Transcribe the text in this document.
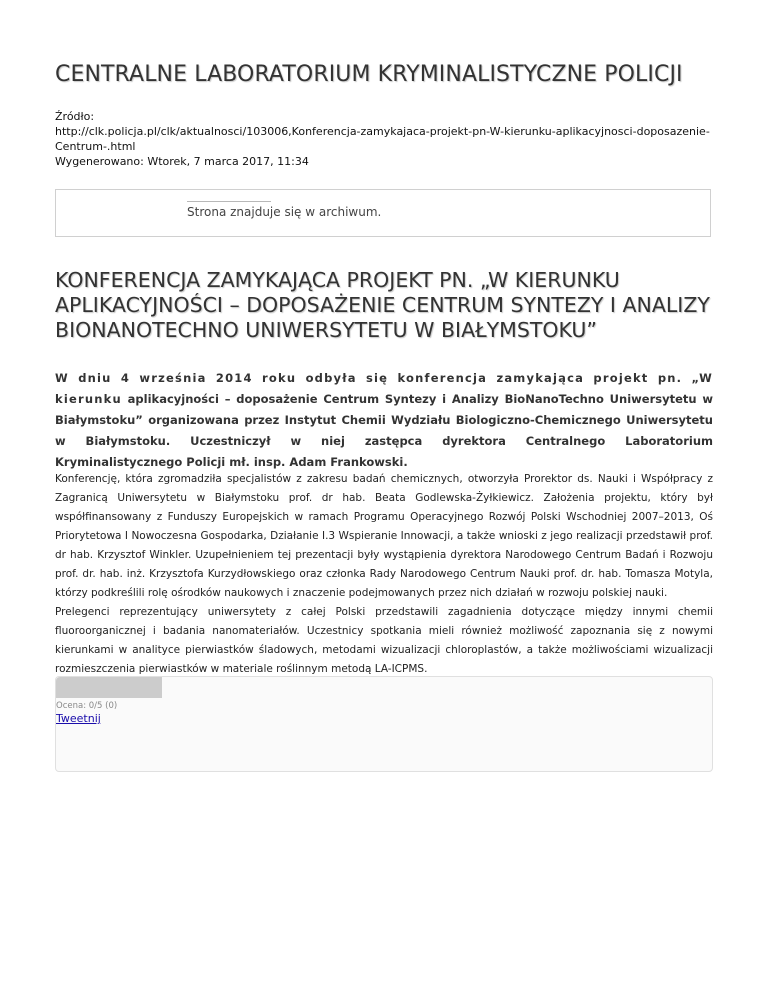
CENTRALNE LABORATORIUM KRYMINALISTYCZNE POLICJI
Źródło:
http://clk.policja.pl/clk/aktualnosci/103006,Konferencja-zamykajaca-projekt-pn-W-kierunku-aplikacyjnosci-doposazenie-Centrum-.html
Wygenerowano: Wtorek, 7 marca 2017, 11:34
Strona znajduje się w archiwum.
KONFERENCJA ZAMYKAJĄCA PROJEKT PN. „W KIERUNKU APLIKACYJNOŚCI – DOPOSAŻENIE CENTRUM SYNTEZY I ANALIZY BIONANOTECHNO UNIWERSYTETU W BIAŁYMSTOKU”
W dniu 4 września 2014 roku odbyła się konferencja zamykająca projekt pn. „W kierunku aplikacyjności – doposażenie Centrum Syntezy i Analizy BioNanoTechno Uniwersytetu w Białymstoku” organizowana przez Instytut Chemii Wydziału Biologiczno-Chemicznego Uniwersytetu w Białymstoku. Uczestniczył w niej zastępca dyrektora Centralnego Laboratorium Kryminalistycznego Policji mł. insp. Adam Frankowski.
Konferencję, która zgromadziła specjalistów z zakresu badań chemicznych, otworzyła Prorektor ds. Nauki i Współpracy z Zagranicą Uniwersytetu w Białymstoku prof. dr hab. Beata Godlewska-Żyłkiewicz. Założenia projektu, który był współfinansowany z Funduszy Europejskich w ramach Programu Operacyjnego Rozwój Polski Wschodniej 2007–2013, Oś Priorytetowa I Nowoczesna Gospodarka, Działanie I.3 Wspieranie Innowacji, a także wnioski z jego realizacji przedstawił prof. dr hab. Krzysztof Winkler. Uzupełnieniem tej prezentacji były wystąpienia dyrektora Narodowego Centrum Badań i Rozwoju prof. dr. hab. inż. Krzysztofa Kurzydłowskiego oraz członka Rady Narodowego Centrum Nauki prof. dr. hab. Tomasza Motyla, którzy podkreślili rolę ośrodków naukowych i znaczenie podejmowanych przez nich działań w rozwoju polskiej nauki.
Prelegenci reprezentujący uniwersytety z całej Polski przedstawili zagadnienia dotyczące między innymi chemii fluoroorganicznej i badania nanomateriałów. Uczestnicy spotkania mieli również możliwość zapoznania się z nowymi kierunkami w analityce pierwiastków śladowych, metodami wizualizacji chloroplastów, a także możliwościami wizualizacji rozmieszczenia pierwiastków w materiale roślinnym metodą LA-ICPMS.
Ocena: 0/5 (0)
Tweetnij
